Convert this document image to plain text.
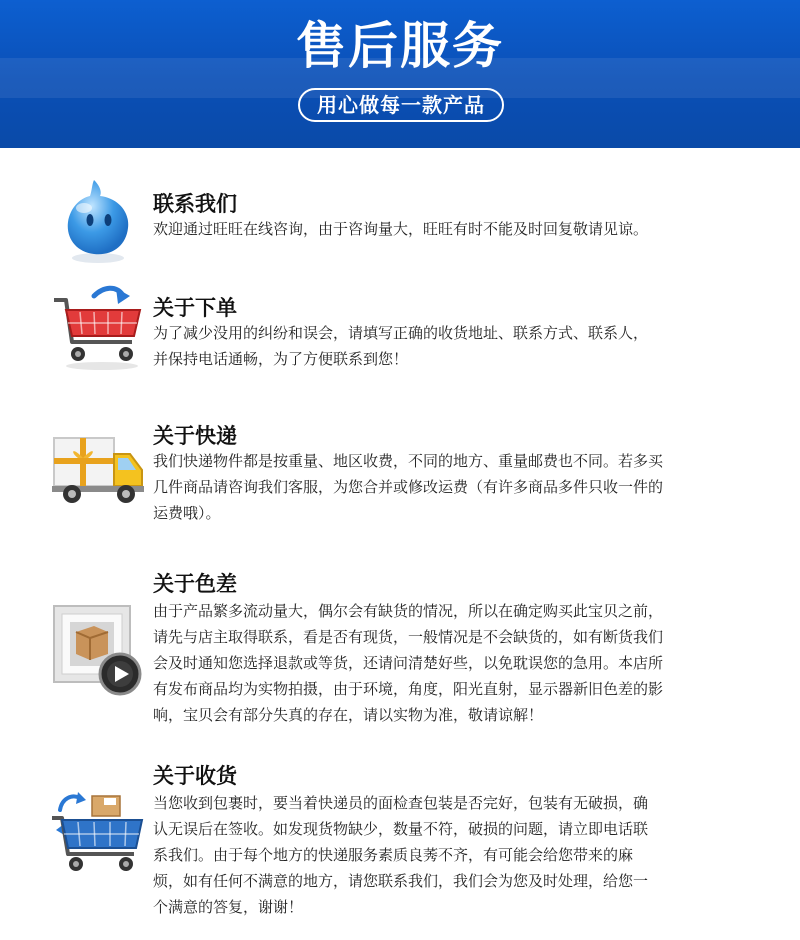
售后服务
用心做每一款产品
联系我们
欢迎通过旺旺在线咨询，由于咨询量大，旺旺有时不能及时回复敬请见谅。
关于下单
为了减少没用的纠纷和误会，请填写正确的收货地址、联系方式、联系人，
并保持电话通畅，为了方便联系到您！
关于快递
我们快递物件都是按重量、地区收费，不同的地方、重量邮费也不同。若多买
几件商品请咨询我们客服，为您合并或修改运费（有许多商品多件只收一件的
运费哦）。
关于色差
由于产品繁多流动量大，偶尔会有缺货的情况，所以在确定购买此宝贝之前，
请先与店主取得联系，看是否有现货，一般情况是不会缺货的，如有断货我们
会及时通知您选择退款或等货，还请问清楚好些，以免耽误您的急用。本店所
有发布商品均为实物拍摄，由于环境，角度，阳光直射，显示器新旧色差的影
响，宝贝会有部分失真的存在，请以实物为准，敬请谅解！
关于收货
当您收到包裹时，要当着快递员的面检查包装是否完好，包装有无破损，确
认无误后在签收。如发现货物缺少，数量不符，破损的问题，请立即电话联
系我们。由于每个地方的快递服务素质良莠不齐，有可能会给您带来的麻
烦，如有任何不满意的地方，请您联系我们，我们会为您及时处理，给您一
个满意的答复，谢谢！
